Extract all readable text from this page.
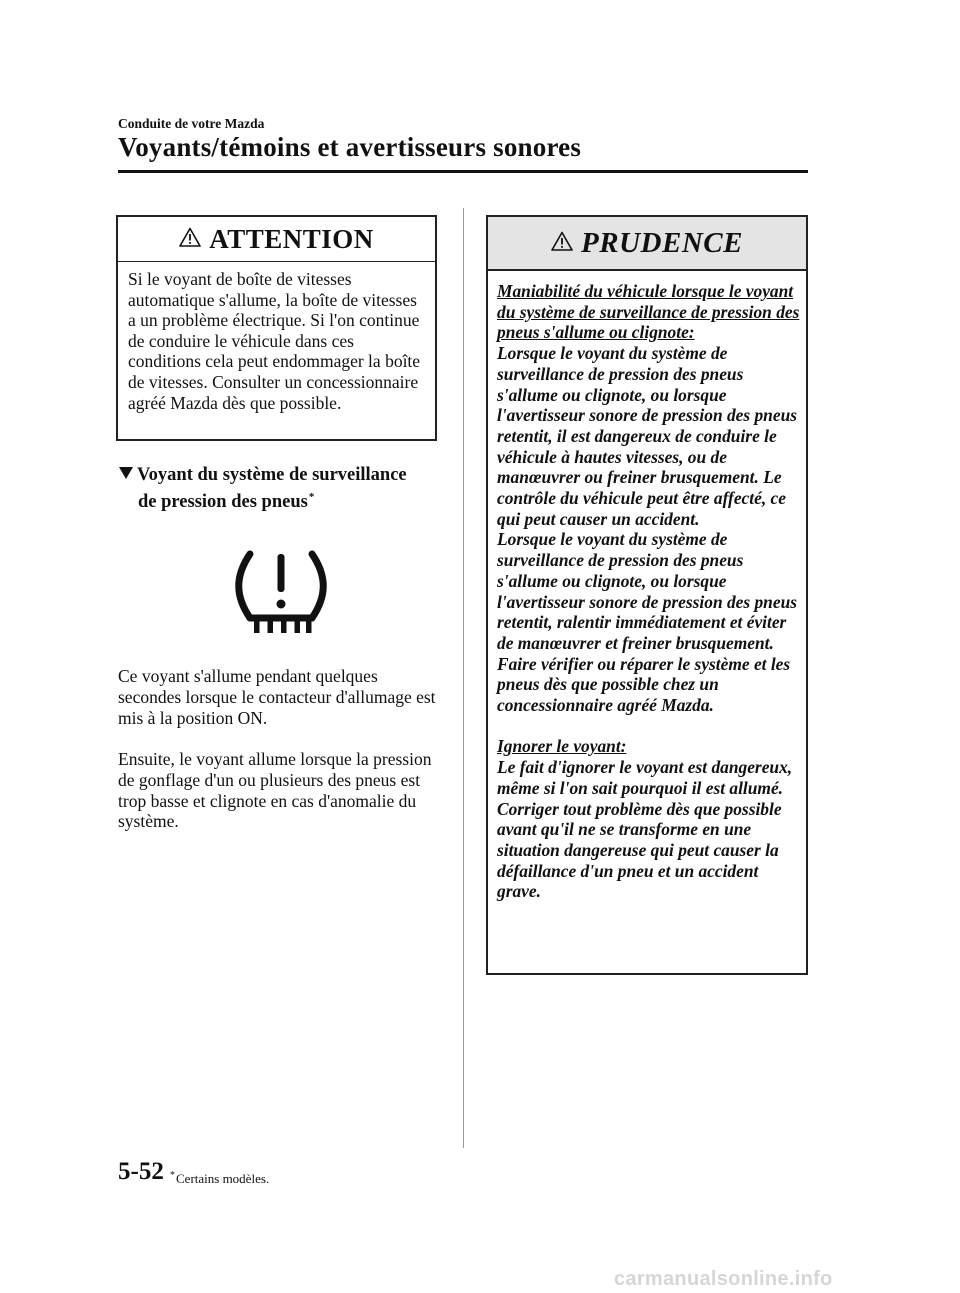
Conduite de votre Mazda
Voyants/témoins et avertisseurs sonores
ATTENTION
Si le voyant de boîte de vitesses automatique s'allume, la boîte de vitesses a un problème électrique. Si l'on continue de conduire le véhicule dans ces conditions cela peut endommager la boîte de vitesses. Consulter un concessionnaire agréé Mazda dès que possible.
Voyant du système de surveillance
de pression des pneus*
Ce voyant s'allume pendant quelques secondes lorsque le contacteur d'allumage est mis à la position ON.
Ensuite, le voyant allume lorsque la pression de gonflage d'un ou plusieurs des pneus est trop basse et clignote en cas d'anomalie du système.
PRUDENCE
Maniabilité du véhicule lorsque le voyant du système de surveillance de pression des pneus s'allume ou clignote:
Lorsque le voyant du système de surveillance de pression des pneus s'allume ou clignote, ou lorsque l'avertisseur sonore de pression des pneus retentit, il est dangereux de conduire le véhicule à hautes vitesses, ou de manœuvrer ou freiner brusquement. Le contrôle du véhicule peut être affecté, ce qui peut causer un accident.
Lorsque le voyant du système de surveillance de pression des pneus s'allume ou clignote, ou lorsque l'avertisseur sonore de pression des pneus retentit, ralentir immédiatement et éviter de manœuvrer et freiner brusquement. Faire vérifier ou réparer le système et les pneus dès que possible chez un concessionnaire agréé Mazda.
Ignorer le voyant:
Le fait d'ignorer le voyant est dangereux, même si l'on sait pourquoi il est allumé. Corriger tout problème dès que possible avant qu'il ne se transforme en une situation dangereuse qui peut causer la défaillance d'un pneu et un accident grave.
5-52 *Certains modèles.
carmanualsonline.info
